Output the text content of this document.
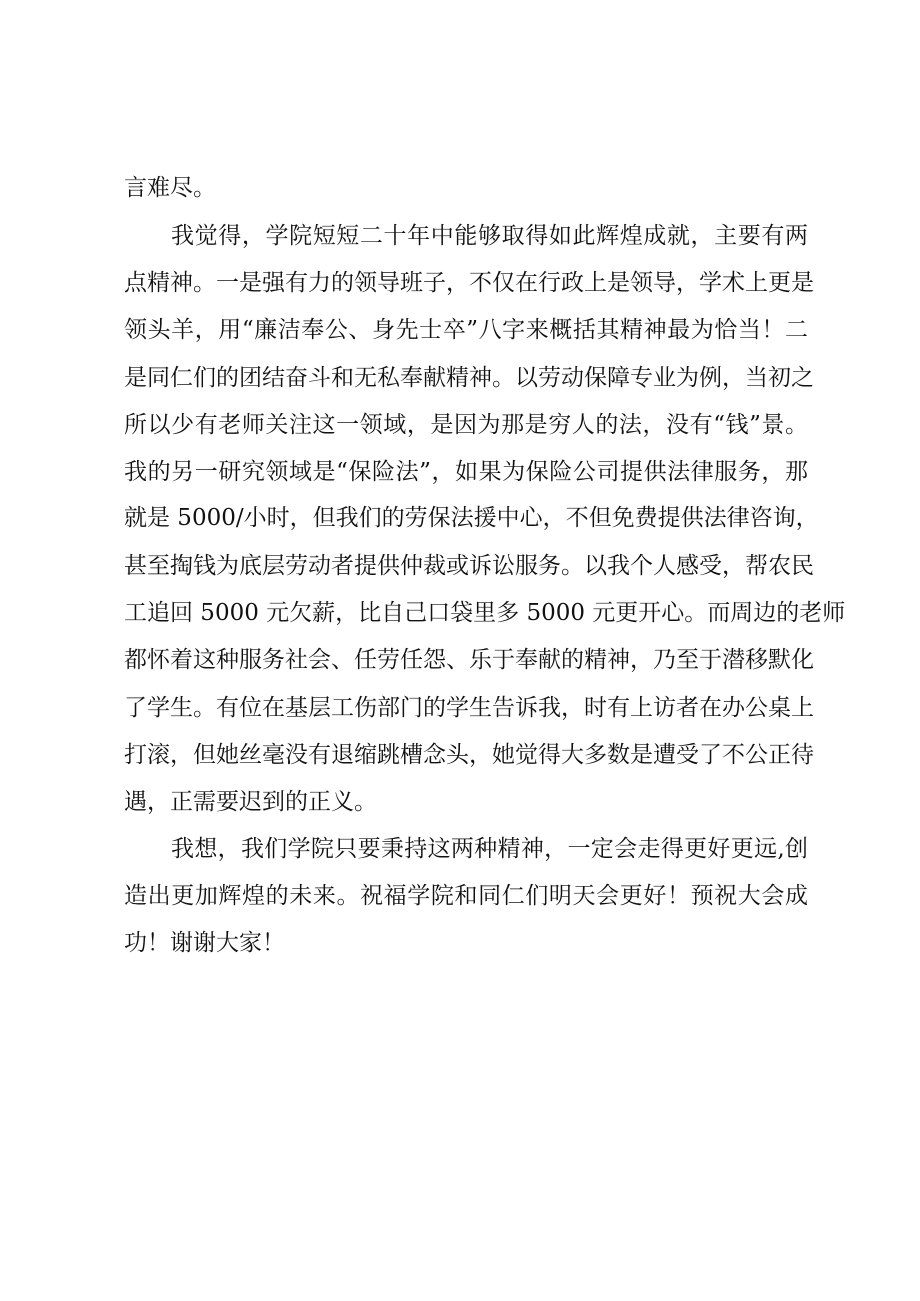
言难尽。
我觉得，学院短短二十年中能够取得如此辉煌成就，主要有两
点精神。一是强有力的领导班子，不仅在行政上是领导，学术上更是
领头羊，用“廉洁奉公、身先士卒”八字来概括其精神最为恰当！二
是同仁们的团结奋斗和无私奉献精神。以劳动保障专业为例，当初之
所以少有老师关注这一领域，是因为那是穷人的法，没有“钱”景。
我的另一研究领域是“保险法”，如果为保险公司提供法律服务，那
就是 5000/小时，但我们的劳保法援中心，不但免费提供法律咨询，
甚至掏钱为底层劳动者提供仲裁或诉讼服务。以我个人感受，帮农民
工追回 5000 元欠薪，比自己口袋里多 5000 元更开心。而周边的老师
都怀着这种服务社会、任劳任怨、乐于奉献的精神，乃至于潜移默化
了学生。有位在基层工伤部门的学生告诉我，时有上访者在办公桌上
打滚，但她丝毫没有退缩跳槽念头，她觉得大多数是遭受了不公正待
遇，正需要迟到的正义。
我想，我们学院只要秉持这两种精神，一定会走得更好更远,创
造出更加辉煌的未来。祝福学院和同仁们明天会更好！预祝大会成
功！谢谢大家！
